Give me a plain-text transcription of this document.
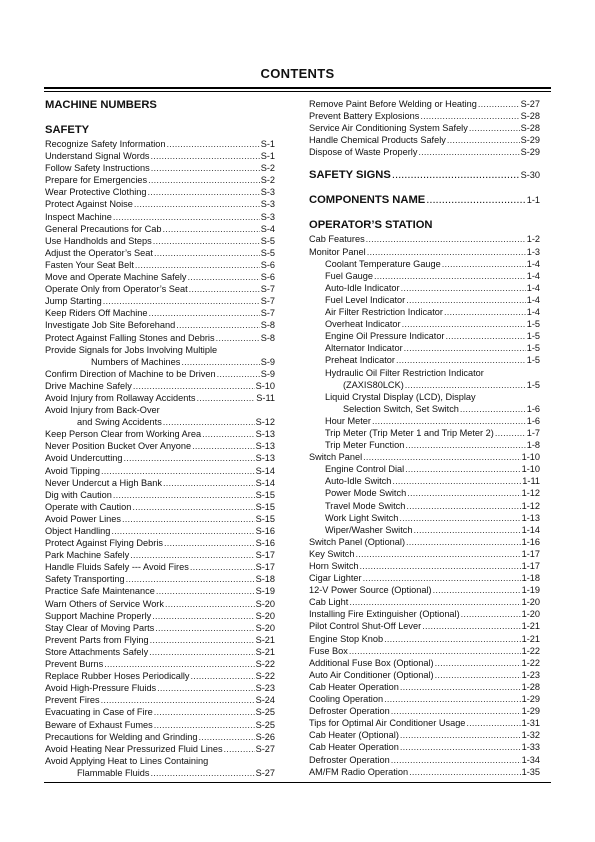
CONTENTS
MACHINE NUMBERS
SAFETY
Recognize Safety Information .....	S-1
Understand Signal Words .....	S-1
Follow Safety Instructions .....	S-2
Prepare for Emergencies .....	S-2
Wear Protective Clothing .....	S-3
Protect Against Noise .....	S-3
Inspect Machine .....	S-3
General Precautions for Cab .....	S-4
Use Handholds and Steps .....	S-5
Adjust the Operator’s Seat .....	S-5
Fasten Your Seat Belt .....	S-6
Move and Operate Machine Safely .....	S-6
Operate Only from Operator’s Seat .....	S-7
Jump Starting .....	S-7
Keep Riders Off Machine .....	S-7
Investigate Job Site Beforehand .....	S-8
Protect Against Falling Stones and Debris .....	S-8
Provide Signals for Jobs Involving Multiple
Numbers of Machines .....	S-9
Confirm Direction of Machine to be Driven .....	S-9
Drive Machine Safely .....	S-10
Avoid Injury from Rollaway Accidents .....	S-11
Avoid Injury from Back-Over
and Swing Accidents .....	S-12
Keep Person Clear from Working Area .....	S-13
Never Position Bucket Over Anyone .....	S-13
Avoid Undercutting .....	S-13
Avoid Tipping .....	S-14
Never Undercut a High Bank .....	S-14
Dig with Caution .....	S-15
Operate with Caution .....	S-15
Avoid Power Lines .....	S-15
Object Handling .....	S-16
Protect Against Flying Debris .....	S-16
Park Machine Safely .....	S-17
Handle Fluids Safely --- Avoid Fires .....	S-17
Safety Transporting .....	S-18
Practice Safe Maintenance .....	S-19
Warn Others of Service Work .....	S-20
Support Machine Properly .....	S-20
Stay Clear of Moving Parts .....	S-20
Prevent Parts from Flying .....	S-21
Store Attachments Safely .....	S-21
Prevent Burns .....	S-22
Replace Rubber Hoses Periodically .....	S-22
Avoid High-Pressure Fluids .....	S-23
Prevent Fires .....	S-24
Evacuating in Case of Fire .....	S-25
Beware of Exhaust Fumes .....	S-25
Precautions for Welding and Grinding .....	S-26
Avoid Heating Near Pressurized Fluid Lines .....	S-27
Avoid Applying Heat to Lines Containing
Flammable Fluids .....	S-27
Remove Paint Before Welding or Heating .....	S-27
Prevent Battery Explosions .....	S-28
Service Air Conditioning System Safely .....	S-28
Handle Chemical Products Safely .....	S-29
Dispose of Waste Properly .....	S-29
SAFETY SIGNS .....	S-30
COMPONENTS NAME .....	1-1
OPERATOR’S STATION
Cab Features .....	1-2
Monitor Panel .....	1-3
Coolant Temperature Gauge .....	1-4
Fuel Gauge .....	1-4
Auto-Idle Indicator .....	1-4
Fuel Level Indicator .....	1-4
Air Filter Restriction Indicator .....	1-4
Overheat Indicator .....	1-5
Engine Oil Pressure Indicator .....	1-5
Alternator Indicator .....	1-5
Preheat Indicator .....	1-5
Hydraulic Oil Filter Restriction Indicator
(ZAXIS80LCK) .....	1-5
Liquid Crystal Display (LCD), Display
Selection Switch, Set Switch .....	1-6
Hour Meter .....	1-6
Trip Meter (Trip Meter 1 and Trip Meter 2) .....	1-7
Trip Meter Function .....	1-8
Switch Panel .....	1-10
Engine Control Dial .....	1-10
Auto-Idle Switch .....	1-11
Power Mode Switch .....	1-12
Travel Mode Switch .....	1-12
Work Light Switch .....	1-13
Wiper/Washer Switch .....	1-14
Switch Panel (Optional) .....	1-16
Key Switch .....	1-17
Horn Switch .....	1-17
Cigar Lighter .....	1-18
12-V Power Source (Optional) .....	1-19
Cab Light .....	1-20
Installing Fire Extinguisher (Optional) .....	1-20
Pilot Control Shut-Off Lever .....	1-21
Engine Stop Knob .....	1-21
Fuse Box .....	1-22
Additional Fuse Box (Optional) .....	1-22
Auto Air Conditioner (Optional) .....	1-23
Cab Heater Operation .....	1-28
Cooling Operation .....	1-29
Defroster Operation .....	1-29
Tips for Optimal Air Conditioner Usage .....	1-31
Cab Heater (Optional) .....	1-32
Cab Heater Operation .....	1-33
Defroster Operation .....	1-34
AM/FM Radio Operation .....	1-35
